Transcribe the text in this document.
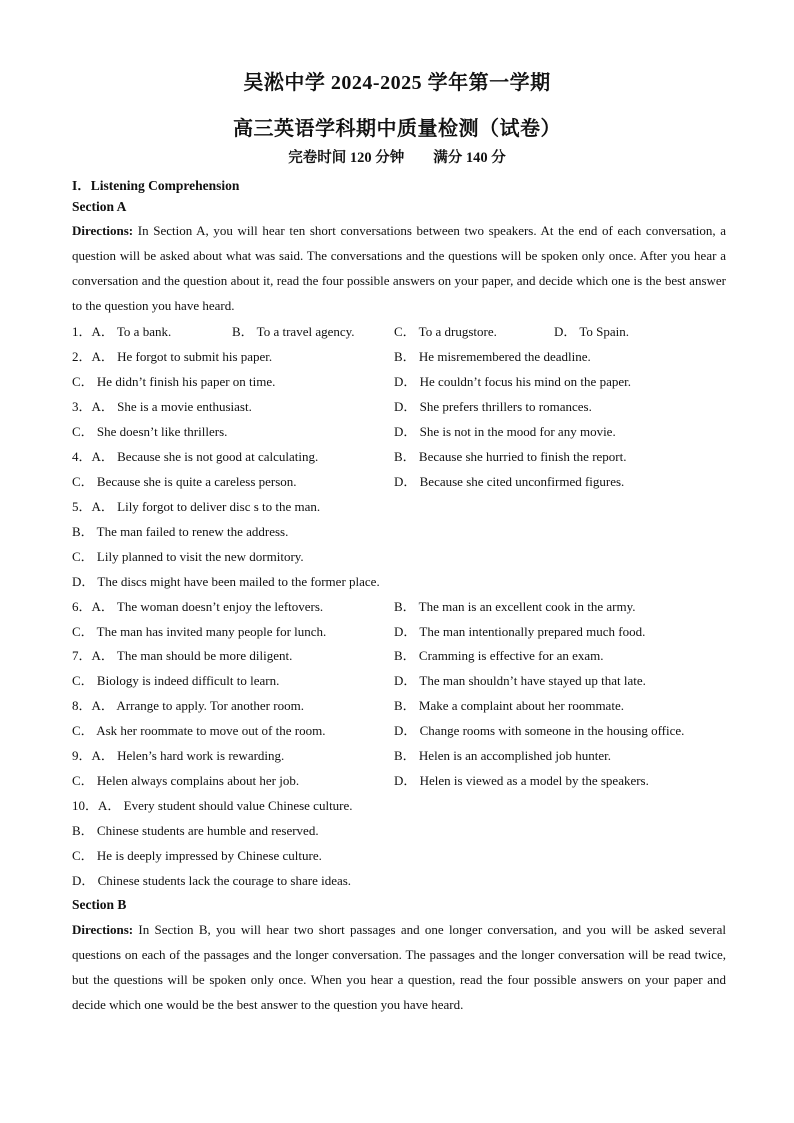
吴淞中学 2024-2025 学年第一学期
高三英语学科期中质量检测（试卷）
完卷时间 120 分钟        满分 140 分
I．Listening Comprehension
Section A
Directions: In Section A, you will hear ten short conversations between two speakers. At the end of each conversation, a question will be asked about what was said. The conversations and the questions will be spoken only once. After you hear a conversation and the question about it, read the four possible answers on your paper, and decide which one is the best answer to the question you have heard.
1．A． To a bank.	B． To a travel agency.	C． To a drugstore.	D． To Spain.
2．A． He forgot to submit his paper.	B． He misremembered the deadline.
C． He didn’t finish his paper on time.	D． He couldn’t focus his mind on the paper.
3．A． She is a movie enthusiast.	D． She prefers thrillers to romances.
C． She doesn’t like thrillers.	D． She is not in the mood for any movie.
4．A． Because she is not good at calculating.	B． Because she hurried to finish the report.
C． Because she is quite a careless person.	D． Because she cited unconfirmed figures.
5．A． Lily forgot to deliver disc s to the man.
B． The man failed to renew the address.
C． Lily planned to visit the new dormitory.
D． The discs might have been mailed to the former place.
6．A． The woman doesn’t enjoy the leftovers.	B． The man is an excellent cook in the army.
C． The man has invited many people for lunch.	D． The man intentionally prepared much food.
7．A． The man should be more diligent.	B． Cramming is effective for an exam.
C． Biology is indeed difficult to learn.	D． The man shouldn’t have stayed up that late.
8．A． Arrange to apply. Tor another room.	B． Make a complaint about her roommate.
C． Ask her roommate to move out of the room.	D． Change rooms with someone in the housing office.
9．A． Helen’s hard work is rewarding.	B． Helen is an accomplished job hunter.
C． Helen always complains about her job.	D． Helen is viewed as a model by the speakers.
10．A． Every student should value Chinese culture.
B． Chinese students are humble and reserved.
C． He is deeply impressed by Chinese culture.
D． Chinese students lack the courage to share ideas.
Section B
Directions: In Section B, you will hear two short passages and one longer conversation, and you will be asked several questions on each of the passages and the longer conversation. The passages and the longer conversation will be read twice, but the questions will be spoken only once. When you hear a question, read the four possible answers on your paper and decide which one would be the best answer to the question you have heard.
